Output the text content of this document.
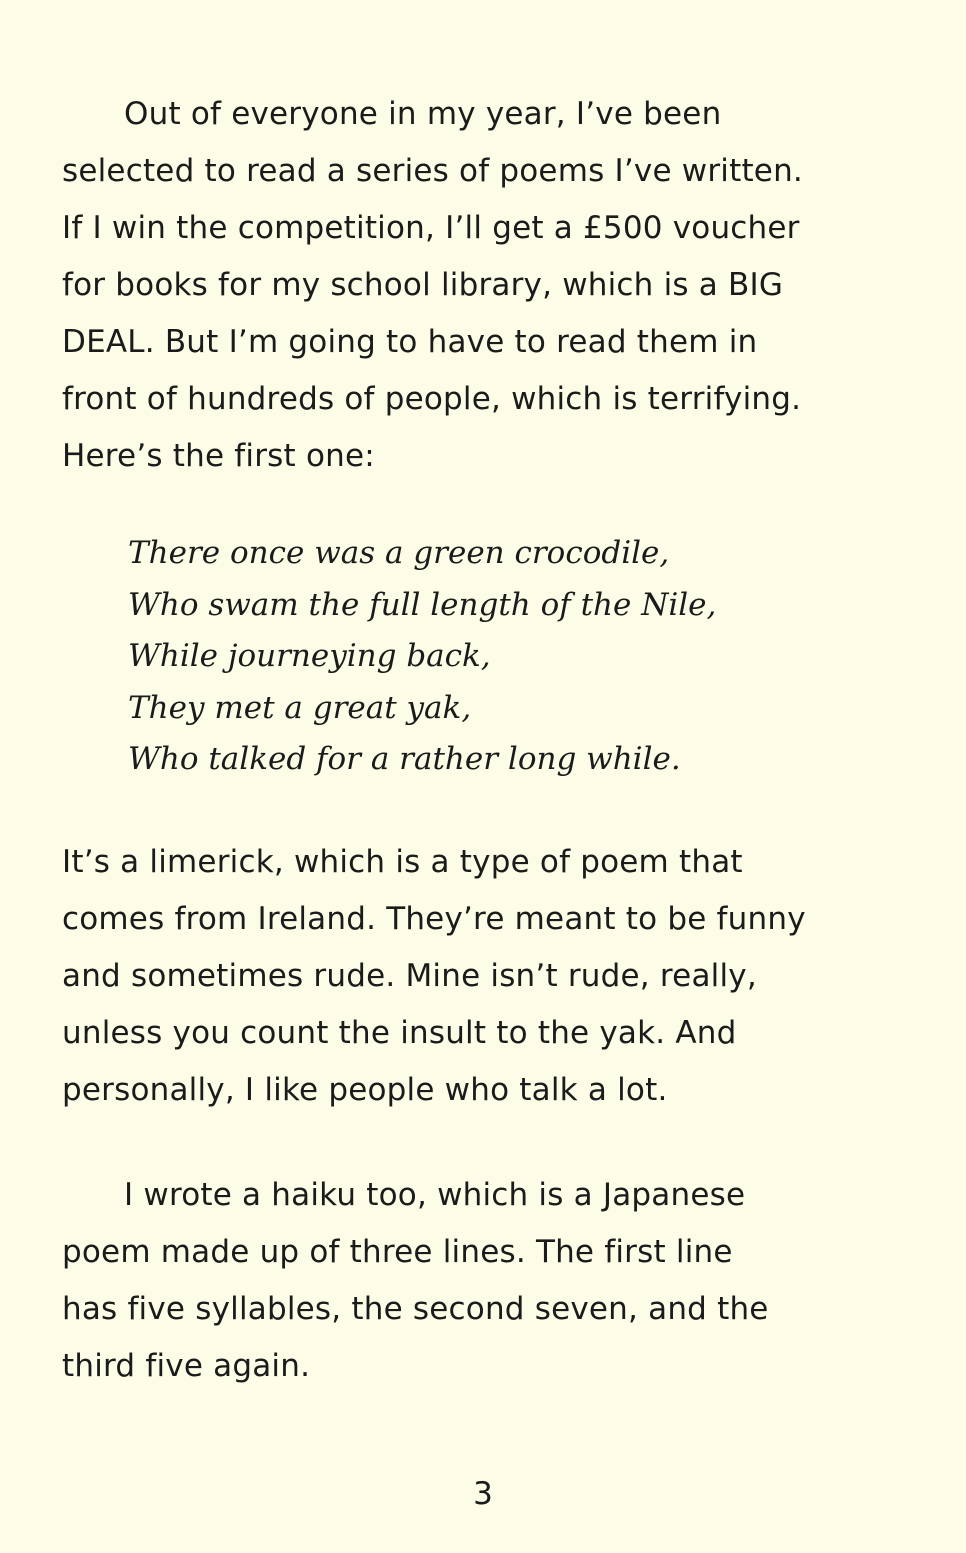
Out of everyone in my year, I’ve been
selected to read a series of poems I’ve written.
If I win the competition, I’ll get a £500 voucher
for books for my school library, which is a BIG
DEAL. But I’m going to have to read them in
front of hundreds of people, which is terrifying.
Here’s the first one:

There once was a green crocodile,
Who swam the full length of the Nile,
While journeying back,
They met a great yak,
Who talked for a rather long while.

It’s a limerick, which is a type of poem that
comes from Ireland. They’re meant to be funny
and sometimes rude. Mine isn’t rude, really,
unless you count the insult to the yak. And
personally, I like people who talk a lot.

I wrote a haiku too, which is a Japanese
poem made up of three lines. The first line
has five syllables, the second seven, and the
third five again.

3
